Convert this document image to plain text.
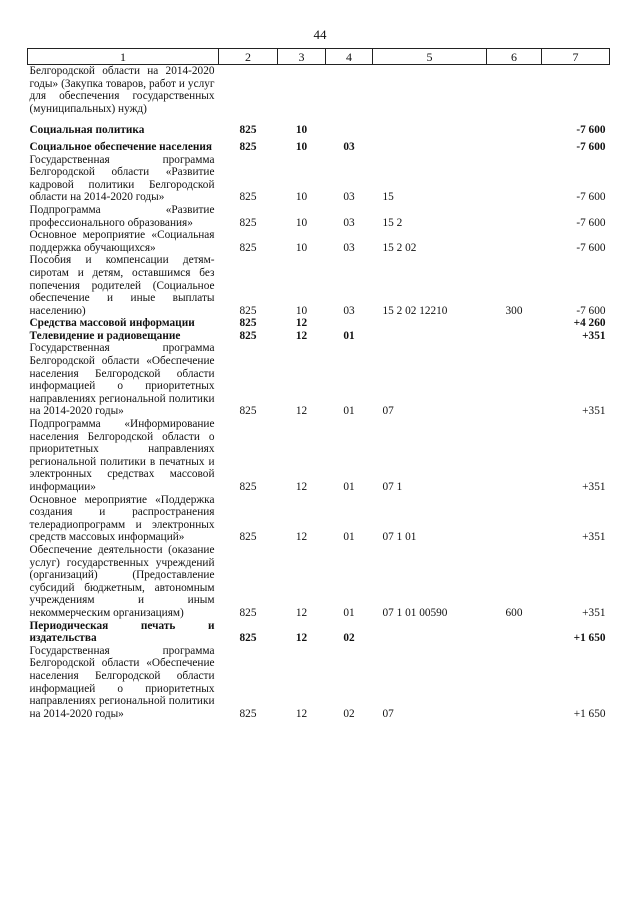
44
1	2	3	4	5	6	7
Белгородской области на 2014-2020 годы» (Закупка товаров, работ и услуг для обеспечения государственных (муниципальных) нужд)						
Социальная политика	825	10				-7 600
Социальное обеспечение населения	825	10	03			-7 600
Государственная программа Белгородской области «Развитие кадровой политики Белгородской области на 2014-2020 годы»	825	10	03	15		-7 600
Подпрограмма «Развитие профессионального образования»	825	10	03	15 2		-7 600
Основное мероприятие «Социальная поддержка обучающихся»	825	10	03	15 2 02		-7 600
Пособия и компенсации детям-сиротам и детям, оставшимся без попечения родителей (Социальное обеспечение и иные выплаты населению)	825	10	03	15 2 02 12210	300	-7 600
Средства массовой информации	825	12				+4 260
Телевидение и радиовещание	825	12	01			+351
Государственная программа Белгородской области «Обеспечение населения Белгородской области информацией о приоритетных направлениях региональной политики на 2014-2020 годы»	825	12	01	07		+351
Подпрограмма «Информирование населения Белгородской области о приоритетных направлениях региональной политики в печатных и электронных средствах массовой информации»	825	12	01	07 1		+351
Основное мероприятие «Поддержка создания и распространения телерадиопрограмм и электронных средств массовых информаций»	825	12	01	07 1 01		+351
Обеспечение деятельности (оказание услуг) государственных учреждений (организаций) (Предоставление субсидий бюджетным, автономным учреждениям и иным некоммерческим организациям)	825	12	01	07 1 01 00590	600	+351
Периодическая печать и издательства	825	12	02			+1 650
Государственная программа Белгородской области «Обеспечение населения Белгородской области информацией о приоритетных направлениях региональной политики на 2014-2020 годы»	825	12	02	07		+1 650
